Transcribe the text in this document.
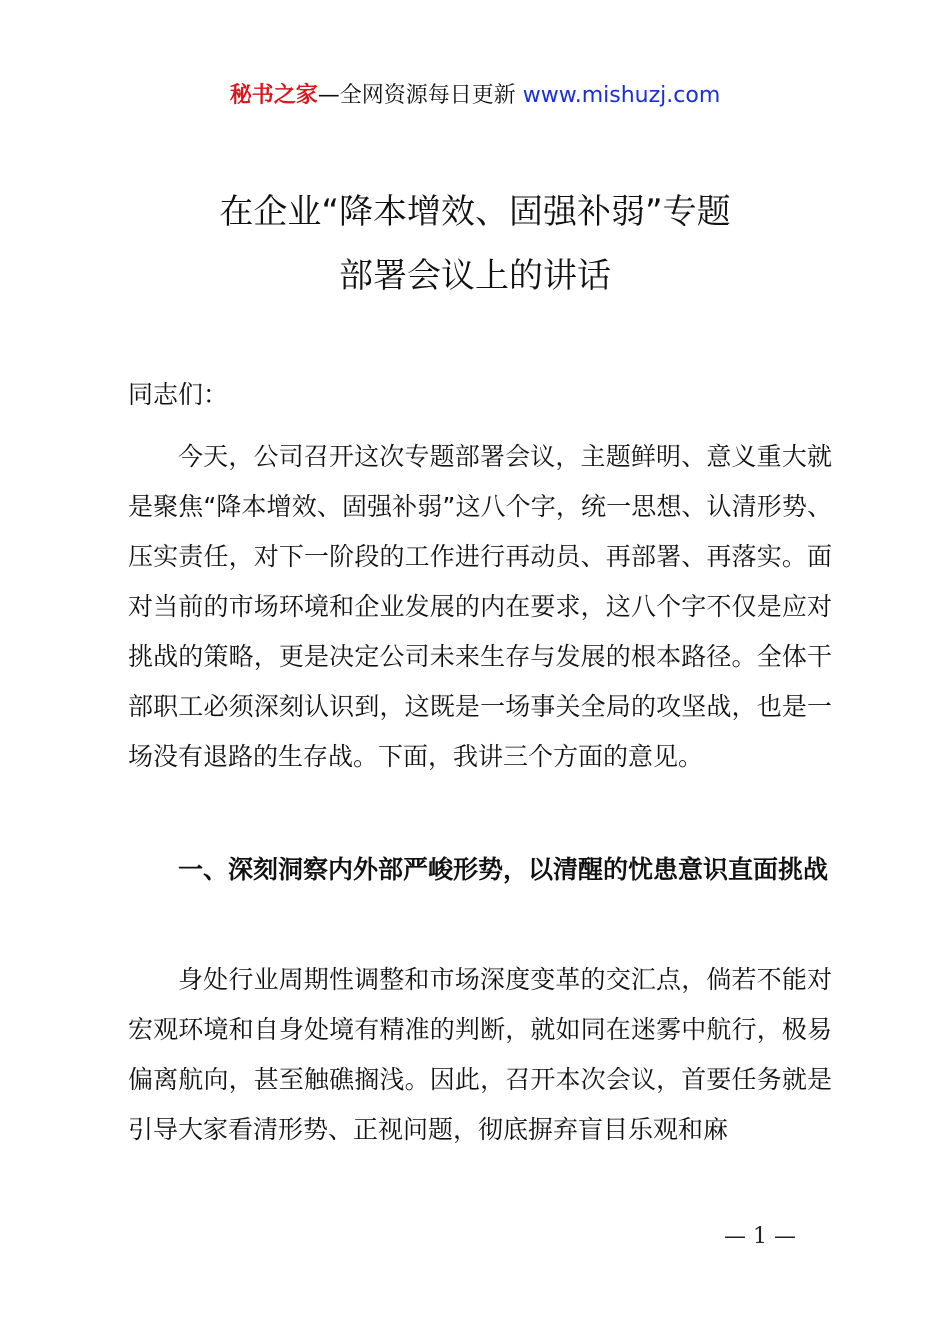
秘书之家—全网资源每日更新 www.mishuzj.com
在企业“降本增效、固强补弱”专题
部署会议上的讲话
同志们：
今天，公司召开这次专题部署会议，主题鲜明、意义重大就是聚焦“降本增效、固强补弱”这八个字，统一思想、认清形势、压实责任，对下一阶段的工作进行再动员、再部署、再落实。面对当前的市场环境和企业发展的内在要求，这八个字不仅是应对挑战的策略，更是决定公司未来生存与发展的根本路径。全体干部职工必须深刻认识到，这既是一场事关全局的攻坚战，也是一场没有退路的生存战。下面，我讲三个方面的意见。
一、深刻洞察内外部严峻形势，以清醒的忧患意识直面挑战
身处行业周期性调整和市场深度变革的交汇点，倘若不能对宏观环境和自身处境有精准的判断，就如同在迷雾中航行，极易偏离航向，甚至触礁搁浅。因此，召开本次会议，首要任务就是引导大家看清形势、正视问题，彻底摒弃盲目乐观和麻
— 1 —
